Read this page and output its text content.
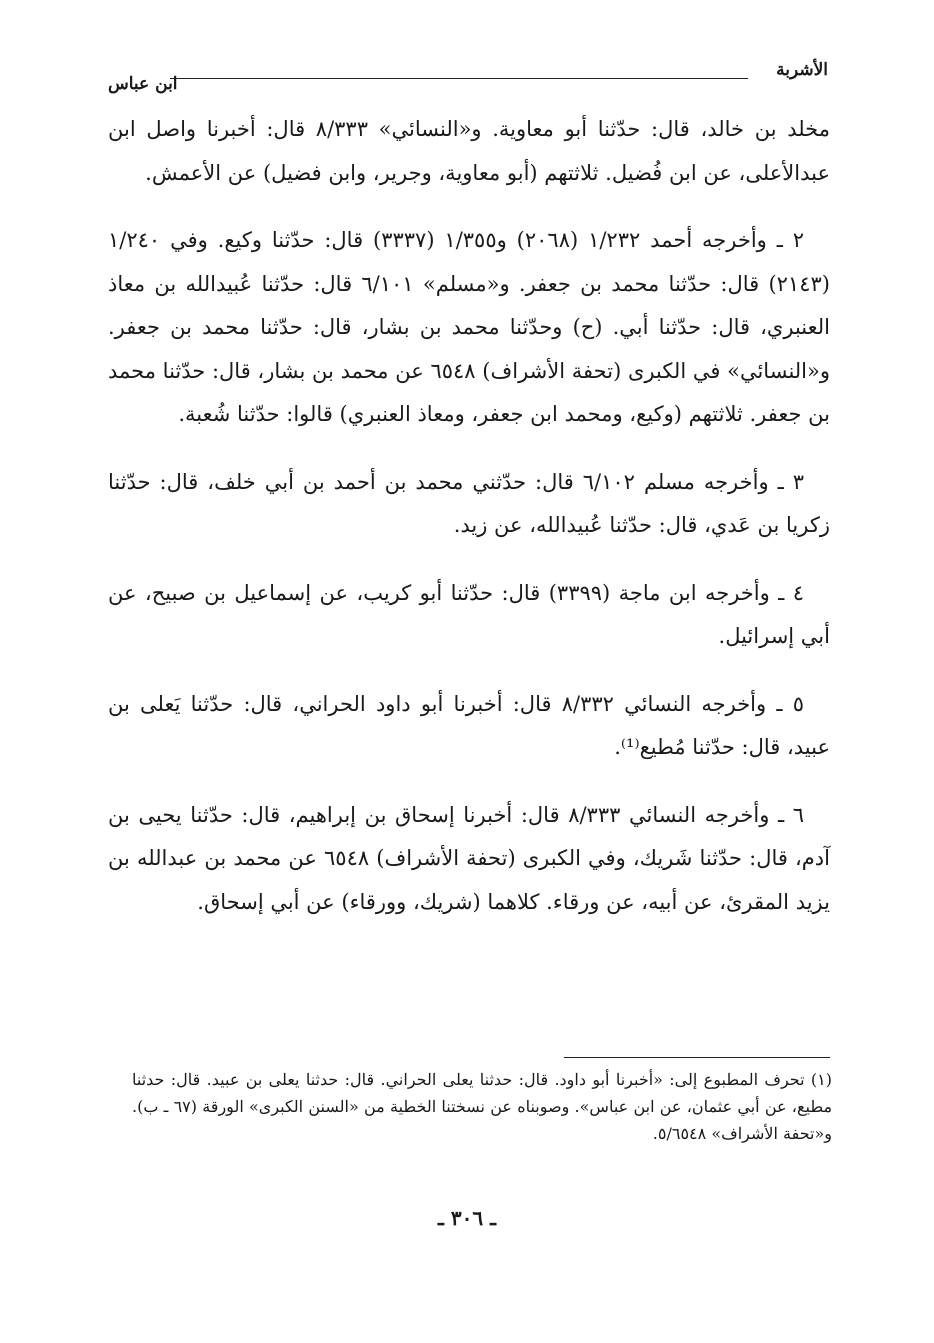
الأشربة
ابن عباس

مخلد بن خالد، قال: حدّثنا أبو معاوية. و«النسائي» ٨/٣٣٣ قال: أخبرنا واصل ابن عبدالأعلى، عن ابن فُضيل. ثلاثتهم (أبو معاوية، وجرير، وابن فضيل) عن الأعمش.

٢ ـ وأخرجه أحمد ١/٢٣٢ (٢٠٦٨) و١/٣٥٥ (٣٣٣٧) قال: حدّثنا وكيع. وفي ١/٢٤٠ (٢١٤٣) قال: حدّثنا محمد بن جعفر. و«مسلم» ٦/١٠١ قال: حدّثنا عُبيدالله بن معاذ العنبري، قال: حدّثنا أبي. (ح) وحدّثنا محمد بن بشار، قال: حدّثنا محمد بن جعفر. و«النسائي» في الكبرى (تحفة الأشراف) ٦٥٤٨ عن محمد بن بشار، قال: حدّثنا محمد بن جعفر. ثلاثتهم (وكيع، ومحمد ابن جعفر، ومعاذ العنبري) قالوا: حدّثنا شُعبة.

٣ ـ وأخرجه مسلم ٦/١٠٢ قال: حدّثني محمد بن أحمد بن أبي خلف، قال: حدّثنا زكريا بن عَدي، قال: حدّثنا عُبيدالله، عن زيد.

٤ ـ وأخرجه ابن ماجة (٣٣٩٩) قال: حدّثنا أبو كريب، عن إسماعيل بن صبيح، عن أبي إسرائيل.

٥ ـ وأخرجه النسائي ٨/٣٣٢ قال: أخبرنا أبو داود الحراني، قال: حدّثنا يَعلى بن عبيد، قال: حدّثنا مُطيع⁽¹⁾.

٦ ـ وأخرجه النسائي ٨/٣٣٣ قال: أخبرنا إسحاق بن إبراهيم، قال: حدّثنا يحيى بن آدم، قال: حدّثنا شَريك، وفي الكبرى (تحفة الأشراف) ٦٥٤٨ عن محمد بن عبدالله بن يزيد المقرئ، عن أبيه، عن ورقاء. كلاهما (شريك، وورقاء) عن أبي إسحاق.

(١) تحرف المطبوع إلى: «أخبرنا أبو داود. قال: حدثنا يعلى الحراني. قال: حدثنا يعلى بن عبيد. قال: حدثنا مطيع، عن أبي عثمان، عن ابن عباس». وصوبناه عن نسختنا الخطية من «السنن الكبرى» الورقة (٦٧ ـ ب). و«تحفة الأشراف» ٥/٦٥٤٨.
ـ ٣٠٦ ـ
